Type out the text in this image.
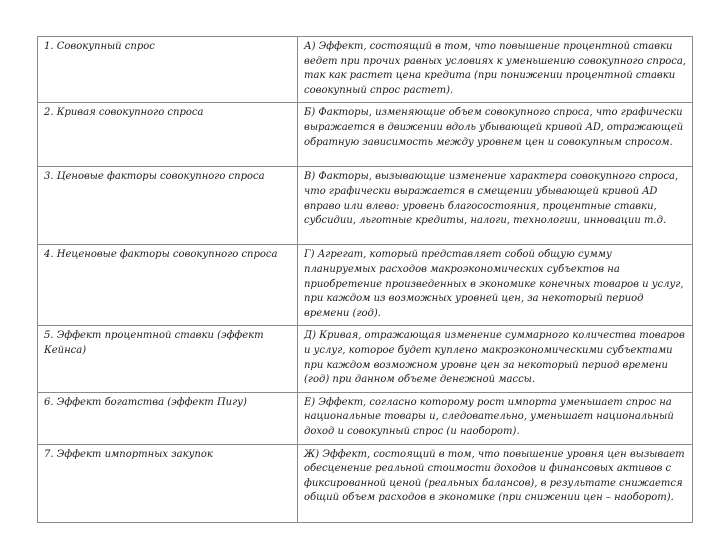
1. Совокупный спрос	А) Эффект, состоящий в том, что повышение процентной ставки ведет при прочих равных условиях к уменьшению совокупного спроса, так как растет цена кредита (при понижении процентной ставки совокупный спрос растет).
2. Кривая совокупного спроса	Б) Факторы, изменяющие объем совокупного спроса, что графически выражается в движении вдоль убывающей кривой AD, отражающей обратную зависимость между уровнем цен и совокупным спросом.
3. Ценовые факторы совокупного спроса	В) Факторы, вызывающие изменение характера совокупного спроса, что графически выражается в смещении убывающей кривой AD вправо или влево: уровень благосостояния, процентные ставки, субсидии, льготные кредиты, налоги, технологии, инновации т.д.
4. Неценовые факторы совокупного спроса	Г) Агрегат, который представляет собой общую сумму планируемых расходов макроэкономических субъектов на приобретение произведенных в экономике конечных товаров и услуг, при каждом из возможных уровней цен, за некоторый период времени (год).
5. Эффект процентной ставки (эффект Кейнса)	Д) Кривая, отражающая изменение суммарного количества товаров и услуг, которое будет куплено макроэкономическими субъектами при каждом возможном уровне цен за некоторый период времени (год) при данном объеме денежной массы.
6. Эффект богатства (эффект Пигу)	Е) Эффект, согласно которому рост импорта уменьшает спрос на национальные товары и, следовательно, уменьшает национальный доход и совокупный спрос (и наоборот).
7. Эффект импортных закупок	Ж) Эффект, состоящий в том, что повышение уровня цен вызывает обесценение реальной стоимости доходов и финансовых активов с фиксированной ценой (реальных балансов), в результате снижается общий объем расходов в экономике (при снижении цен – наоборот).
